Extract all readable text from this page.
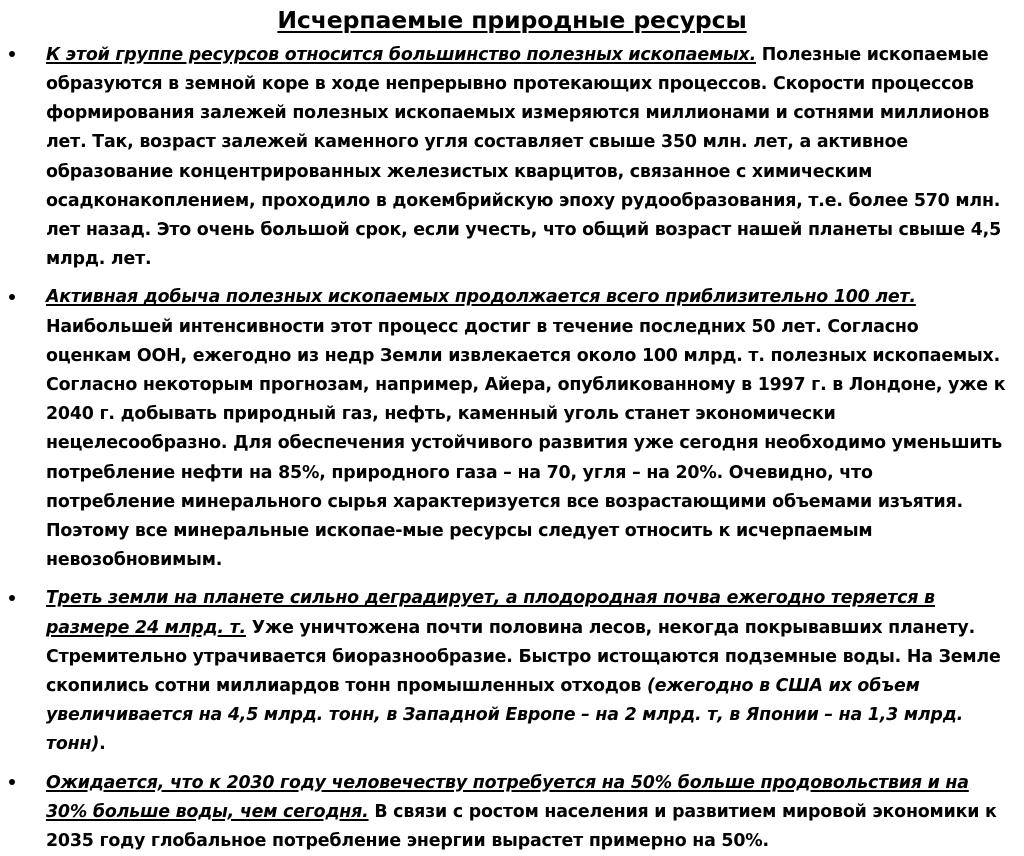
Исчерпаемые природные ресурсы
К этой группе ресурсов относится большинство полезных ископаемых. Полезные ископаемые образуются в земной коре в ходе непрерывно протекающих процессов. Скорости процессов формирования залежей полезных ископаемых измеряются миллионами и сотнями миллионов лет. Так, возраст залежей каменного угля составляет свыше 350 млн. лет, а активное образование концентрированных железистых кварцитов, связанное с химическим осадконакоплением, проходило в докембрийскую эпоху рудообразования, т.е. более 570 млн. лет назад. Это очень большой срок, если учесть, что общий возраст нашей планеты свыше 4,5 млрд. лет.
Активная добыча полезных ископаемых продолжается всего приблизительно 100 лет. Наибольшей интенсивности этот процесс достиг в течение последних 50 лет. Согласно оценкам ООН, ежегодно из недр Земли извлекается около 100 млрд. т. полезных ископаемых. Согласно некоторым прогнозам, например, Айера, опубликованному в 1997 г. в Лондоне, уже к 2040 г. добывать природный газ, нефть, каменный уголь станет экономически нецелесообразно. Для обеспечения устойчивого развития уже сегодня необходимо уменьшить потребление нефти на 85%, природного газа – на 70, угля – на 20%. Очевидно, что потребление минерального сырья характеризуется все возрастающими объемами изъятия. Поэтому все минеральные ископае-мые ресурсы следует относить к исчерпаемым невозобновимым.
Треть земли на планете сильно деградирует, а плодородная почва ежегодно теряется в размере 24 млрд. т. Уже уничтожена почти половина лесов, некогда покрывавших планету. Стремительно утрачивается биоразнообразие. Быстро истощаются подземные воды. На Земле скопились сотни миллиардов тонн промышленных отходов (ежегодно в США их объем увеличивается на 4,5 млрд. тонн, в Западной Европе – на 2 млрд. т, в Японии – на 1,3 млрд. тонн).
Ожидается, что к 2030 году человечеству потребуется на 50% больше продовольствия и на 30% больше воды, чем сегодня. В связи с ростом населения и развитием мировой экономики к 2035 году глобальное потребление энергии вырастет примерно на 50%.
